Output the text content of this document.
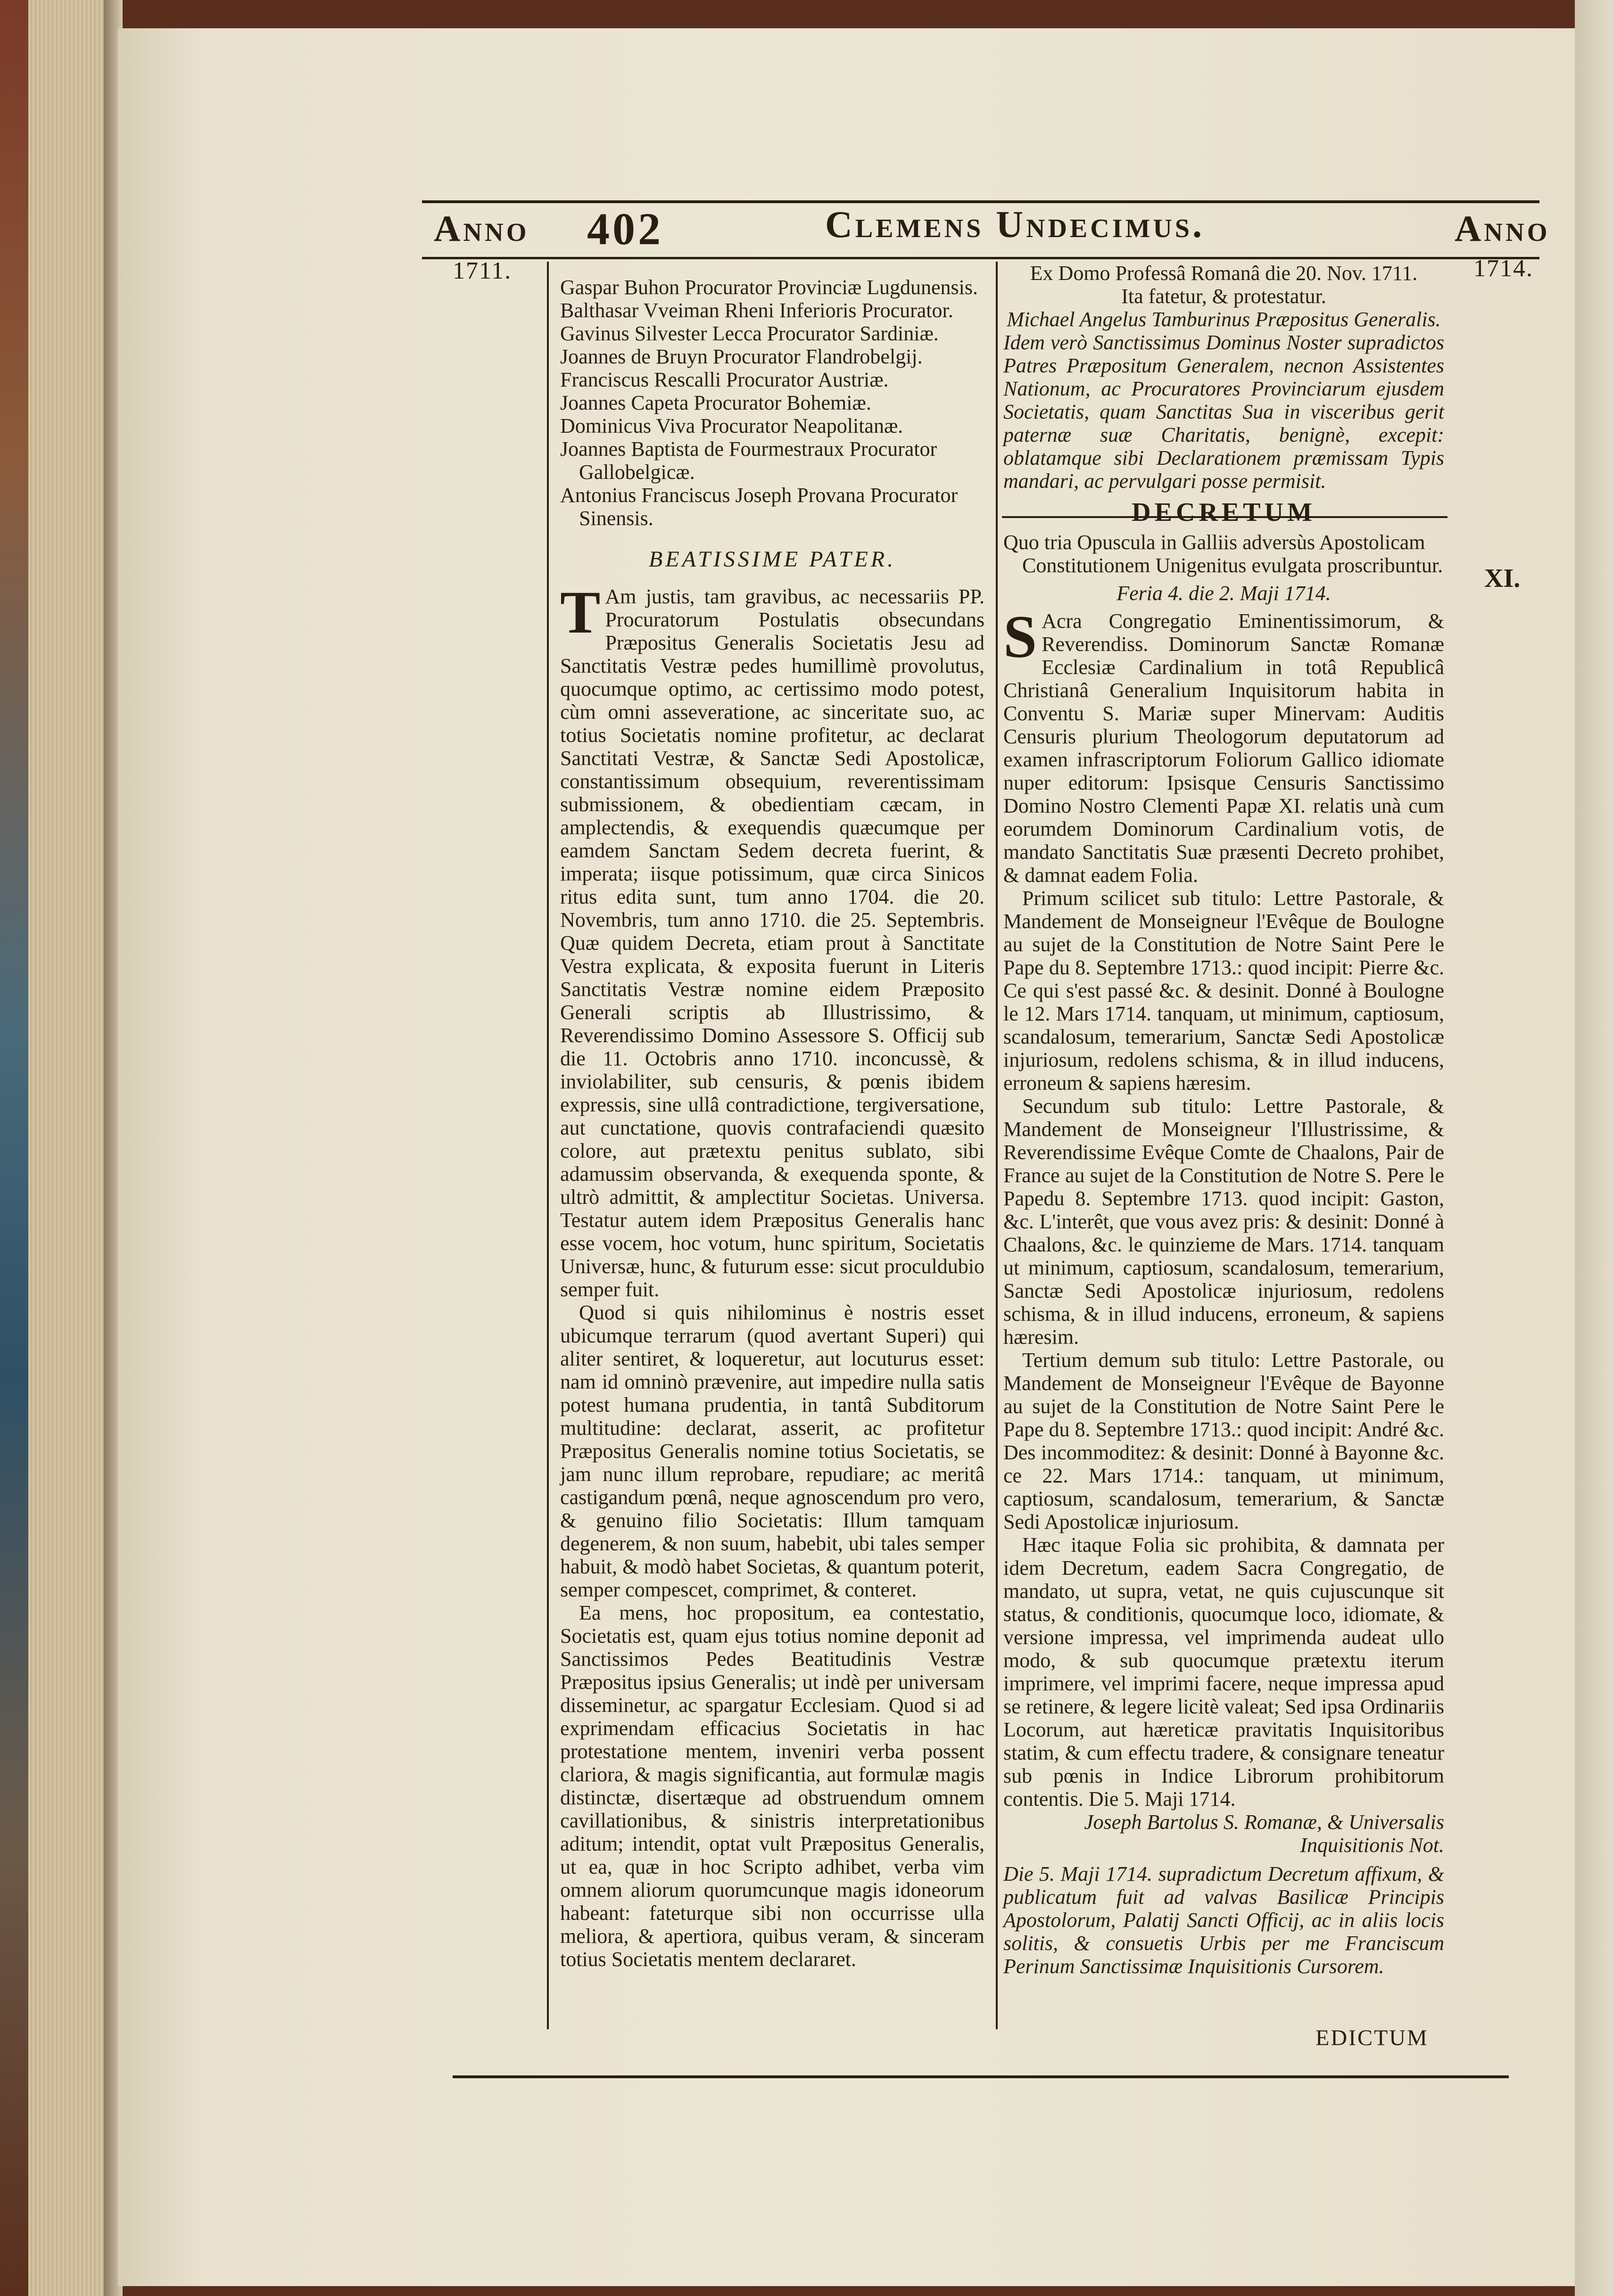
Anno 402	Clemens Undecimus.	Anno
1711.	1714.
XI.

Gaspar Buhon Procurator Provinciæ Lugdunensis.

Balthasar Vveiman Rheni Inferioris Procurator.

Gavinus Silvester Lecca Procurator Sardiniæ.

Joannes de Bruyn Procurator Flandrobelgij.

Franciscus Rescalli Procurator Austriæ.

Joannes Capeta Procurator Bohemiæ.

Dominicus Viva Procurator Neapolitanæ.

Joannes Baptista de Fourmestraux Procurator Gallobelgicæ.

Antonius Franciscus Joseph Provana Procurator Sinensis.

BEATISSIME PATER.

T Am justis, tam gravibus, ac necessariis PP. Procuratorum Postulatis obsecundans Præpositus Generalis Societatis Jesu ad Sanctitatis Vestræ pedes humillimè provolutus, quocumque optimo, ac certissimo modo potest, cùm omni asseveratione, ac sinceritate suo, ac totius Societatis nomine profitetur, ac declarat Sanctitati Vestræ, & Sanctæ Sedi Apostolicæ, constantissimum obsequium, reverentissimam submissionem, & obedientiam cæcam, in amplectendis, & exequendis quæcumque per eamdem Sanctam Sedem decreta fuerint, & imperata; iisque potissimum, quæ circa Sinicos ritus edita sunt, tum anno 1704. die 20. Novembris, tum anno 1710. die 25. Septembris. Quæ quidem Decreta, etiam prout à Sanctitate Vestra explicata, & exposita fuerunt in Literis Sanctitatis Vestræ nomine eidem Præposito Generali scriptis ab Illustrissimo, & Reverendissimo Domino Assessore S. Officij sub die 11. Octobris anno 1710. inconcussè, & inviolabiliter, sub censuris, & pœnis ibidem expressis, sine ullâ contradictione, tergiversatione, aut cunctatione, quovis contrafaciendi quæsito colore, aut prætextu penitus sublato, sibi adamussim observanda, & exequenda sponte, & ultrò admittit, & amplectitur Societas. Universa. Testatur autem idem Præpositus Generalis hanc esse vocem, hoc votum, hunc spiritum, Societatis Universæ, hunc, & futurum esse: sicut proculdubio semper fuit.

Quod si quis nihilominus è nostris esset ubicumque terrarum (quod avertant Superi) qui aliter sentiret, & loqueretur, aut locuturus esset: nam id omninò prævenire, aut impedire nulla satis potest humana prudentia, in tantâ Subditorum multitudine: declarat, asserit, ac profitetur Præpositus Generalis nomine totius Societatis, se jam nunc illum reprobare, repudiare; ac meritâ castigandum pœnâ, neque agnoscendum pro vero, & genuino filio Societatis: Illum tamquam degenerem, & non suum, habebit, ubi tales semper habuit, & modò habet Societas, & quantum poterit, semper compescet, comprimet, & conteret.

Ea mens, hoc propositum, ea contestatio, Societatis est, quam ejus totius nomine deponit ad Sanctissimos Pedes Beatitudinis Vestræ Præpositus ipsius Generalis; ut indè per universam disseminetur, ac spargatur Ecclesiam. Quod si ad exprimendam efficacius Societatis in hac protestatione mentem, inveniri verba possent clariora, & magis significantia, aut formulæ magis distinctæ, disertæque ad obstruendum omnem cavillationibus, & sinistris interpretationibus aditum; intendit, optat vult Præpositus Generalis, ut ea, quæ in hoc Scripto adhibet, verba vim omnem aliorum quorumcunque magis idoneorum habeant: fateturque sibi non occurrisse ulla meliora, & apertiora, quibus veram, & sinceram totius Societatis mentem declararet.

Ex Domo Professâ Romanâ die 20. Nov. 1711.

Ita fatetur, & protestatur.

Michael Angelus Tamburinus Præpositus Generalis.

Idem verò Sanctissimus Dominus Noster supradictos Patres Præpositum Generalem, necnon Assistentes Nationum, ac Procuratores Provinciarum ejusdem Societatis, quam Sanctitas Sua in visceribus gerit paternæ suæ Charitatis, benignè, excepit: oblatamque sibi Declarationem præmissam Typis mandari, ac pervulgari posse permisit.

DECRETUM

Quo tria Opuscula in Galliis adversùs Apostolicam Constitutionem Unigenitus evulgata proscribuntur.

Feria 4. die 2. Maji 1714.

S Acra Congregatio Eminentissimorum, & Reverendiss. Dominorum Sanctæ Romanæ Ecclesiæ Cardinalium in totâ Republicâ Christianâ Generalium Inquisitorum habita in Conventu S. Mariæ super Minervam: Auditis Censuris plurium Theologorum deputatorum ad examen infrascriptorum Foliorum Gallico idiomate nuper editorum: Ipsisque Censuris Sanctissimo Domino Nostro Clementi Papæ XI. relatis unà cum eorumdem Dominorum Cardinalium votis, de mandato Sanctitatis Suæ præsenti Decreto prohibet, & damnat eadem Folia.

Primum scilicet sub titulo: Lettre Pastorale, & Mandement de Monseigneur l'Evêque de Boulogne au sujet de la Constitution de Notre Saint Pere le Pape du 8. Septembre 1713.: quod incipit: Pierre &c. Ce qui s'est passé &c. & desinit. Donné à Boulogne le 12. Mars 1714. tanquam, ut minimum, captiosum, scandalosum, temerarium, Sanctæ Sedi Apostolicæ injuriosum, redolens schisma, & in illud inducens, erroneum & sapiens hæresim.

Secundum sub titulo: Lettre Pastorale, & Mandement de Monseigneur l'Illustrissime, & Reverendissime Evêque Comte de Chaalons, Pair de France au sujet de la Constitution de Notre S. Pere le Papedu 8. Septembre 1713. quod incipit: Gaston, &c. L'interêt, que vous avez pris: & desinit: Donné à Chaalons, &c. le quinzieme de Mars. 1714. tanquam ut minimum, captiosum, scandalosum, temerarium, Sanctæ Sedi Apostolicæ injuriosum, redolens schisma, & in illud inducens, erroneum, & sapiens hæresim.

Tertium demum sub titulo: Lettre Pastorale, ou Mandement de Monseigneur l'Evêque de Bayonne au sujet de la Constitution de Notre Saint Pere le Pape du 8. Septembre 1713.: quod incipit: André &c. Des incommoditez: & desinit: Donné à Bayonne &c. ce 22. Mars 1714.: tanquam, ut minimum, captiosum, scandalosum, temerarium, & Sanctæ Sedi Apostolicæ injuriosum.

Hæc itaque Folia sic prohibita, & damnata per idem Decretum, eadem Sacra Congregatio, de mandato, ut supra, vetat, ne quis cujuscunque sit status, & conditionis, quocumque loco, idiomate, & versione impressa, vel imprimenda audeat ullo modo, & sub quocumque prætextu iterum imprimere, vel imprimi facere, neque impressa apud se retinere, & legere licitè valeat; Sed ipsa Ordinariis Locorum, aut hæreticæ pravitatis Inquisitoribus statim, & cum effectu tradere, & consignare teneatur sub pœnis in Indice Librorum prohibitorum contentis. Die 5. Maji 1714.

Joseph Bartolus S. Romanæ, & Universalis Inquisitionis Not.

Die 5. Maji 1714. supradictum Decretum affixum, & publicatum fuit ad valvas Basilicæ Principis Apostolorum, Palatij Sancti Officij, ac in aliis locis solitis, & consuetis Urbis per me Franciscum Perinum Sanctissimæ Inquisitionis Cursorem.

EDICTUM
